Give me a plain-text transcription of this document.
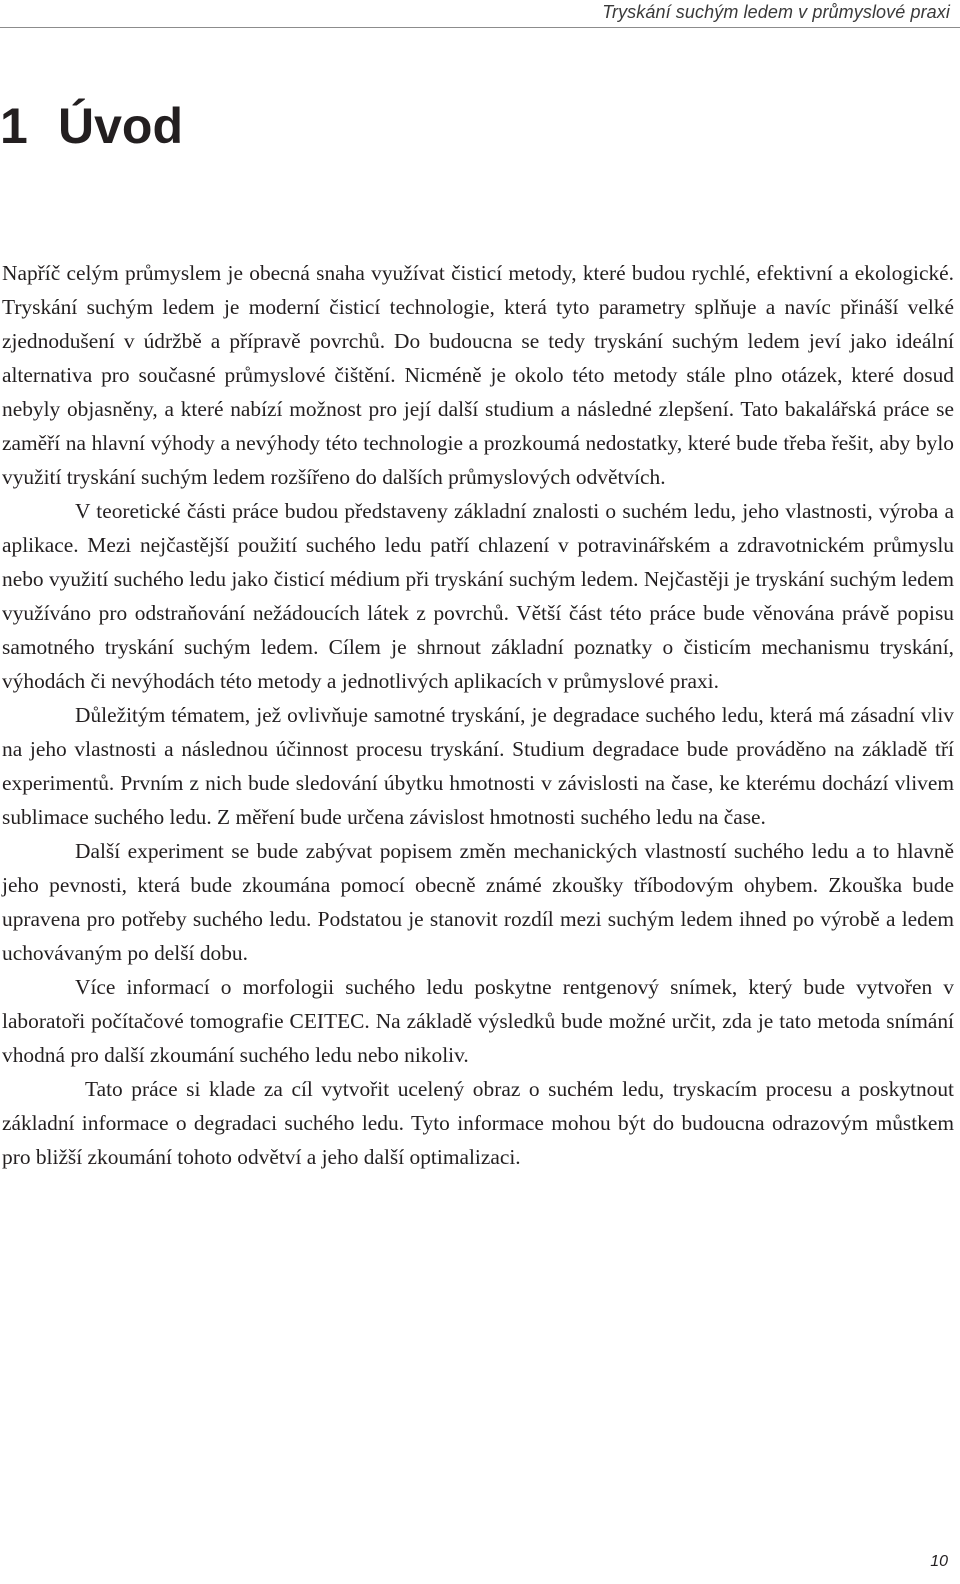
Tryskání suchým ledem v průmyslové praxi
1 Úvod

Napříč celým průmyslem je obecná snaha využívat čisticí metody, které budou rychlé, efektivní a ekologické. Tryskání suchým ledem je moderní čisticí technologie, která tyto parametry splňuje a navíc přináší velké zjednodušení v údržbě a přípravě povrchů. Do budoucna se tedy tryskání suchým ledem jeví jako ideální alternativa pro současné průmyslové čištění. Nicméně je okolo této metody stále plno otázek, které dosud nebyly objasněny, a které nabízí možnost pro její další studium a následné zlepšení. Tato bakalářská práce se zaměří na hlavní výhody a nevýhody této technologie a prozkoumá nedostatky, které bude třeba řešit, aby bylo využití tryskání suchým ledem rozšířeno do dalších průmyslových odvětvích.

V teoretické části práce budou představeny základní znalosti o suchém ledu, jeho vlastnosti, výroba a aplikace. Mezi nejčastější použití suchého ledu patří chlazení v potravinářském a zdravotnickém průmyslu nebo využití suchého ledu jako čisticí médium při tryskání suchým ledem. Nejčastěji je tryskání suchým ledem využíváno pro odstraňování nežádoucích látek z povrchů. Větší část této práce bude věnována právě popisu samotného tryskání suchým ledem. Cílem je shrnout základní poznatky o čisticím mechanismu tryskání, výhodách či nevýhodách této metody a jednotlivých aplikacích v průmyslové praxi.

Důležitým tématem, jež ovlivňuje samotné tryskání, je degradace suchého ledu, která má zásadní vliv na jeho vlastnosti a následnou účinnost procesu tryskání. Studium degradace bude prováděno na základě tří experimentů. Prvním z nich bude sledování úbytku hmotnosti v závislosti na čase, ke kterému dochází vlivem sublimace suchého ledu. Z měření bude určena závislost hmotnosti suchého ledu na čase.

Další experiment se bude zabývat popisem změn mechanických vlastností suchého ledu a to hlavně jeho pevnosti, která bude zkoumána pomocí obecně známé zkoušky tříbodovým ohybem. Zkouška bude upravena pro potřeby suchého ledu. Podstatou je stanovit rozdíl mezi suchým ledem ihned po výrobě a ledem uchovávaným po delší dobu.

Více informací o morfologii suchého ledu poskytne rentgenový snímek, který bude vytvořen v laboratoři počítačové tomografie CEITEC. Na základě výsledků bude možné určit, zda je tato metoda snímání vhodná pro další zkoumání suchého ledu nebo nikoliv.

Tato práce si klade za cíl vytvořit ucelený obraz o suchém ledu, tryskacím procesu a poskytnout základní informace o degradaci suchého ledu. Tyto informace mohou být do budoucna odrazovým můstkem pro bližší zkoumání tohoto odvětví a jeho další optimalizaci.

10
